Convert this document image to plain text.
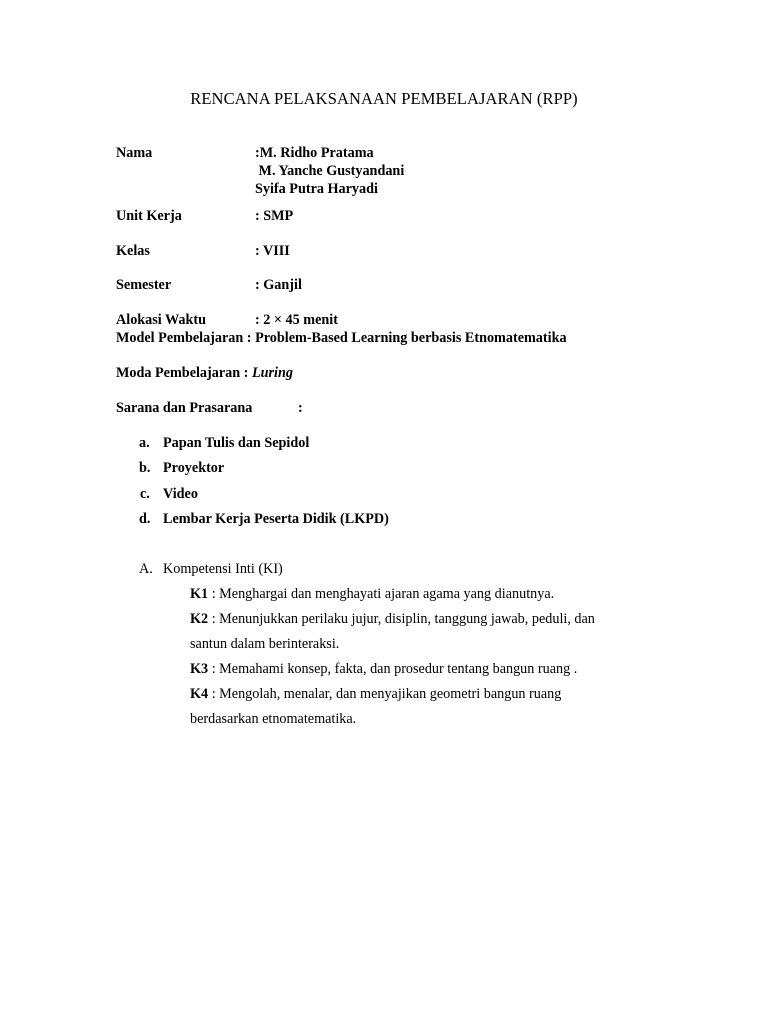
RENCANA PELAKSANAAN PEMBELAJARAN (RPP)
Nama	:M. Ridho Pratama
M. Yanche Gustyandani
Syifa Putra Haryadi
Unit Kerja	: SMP
Kelas	: VIII
Semester	: Ganjil
Alokasi Waktu	: 2 × 45 menit
Model Pembelajaran : Problem-Based Learning berbasis Etnomatematika
Moda Pembelajaran : Luring
Sarana dan Prasarana	:
a. Papan Tulis dan Sepidol
b. Proyektor
c. Video
d. Lembar Kerja Peserta Didik (LKPD)
A. Kompetensi Inti (KI)
K1 : Menghargai dan menghayati ajaran agama yang dianutnya.
K2 : Menunjukkan perilaku jujur, disiplin, tanggung jawab, peduli, dan
santun dalam berinteraksi.
K3 : Memahami konsep, fakta, dan prosedur tentang bangun ruang .
K4 : Mengolah, menalar, dan menyajikan geometri bangun ruang
berdasarkan etnomatematika.
